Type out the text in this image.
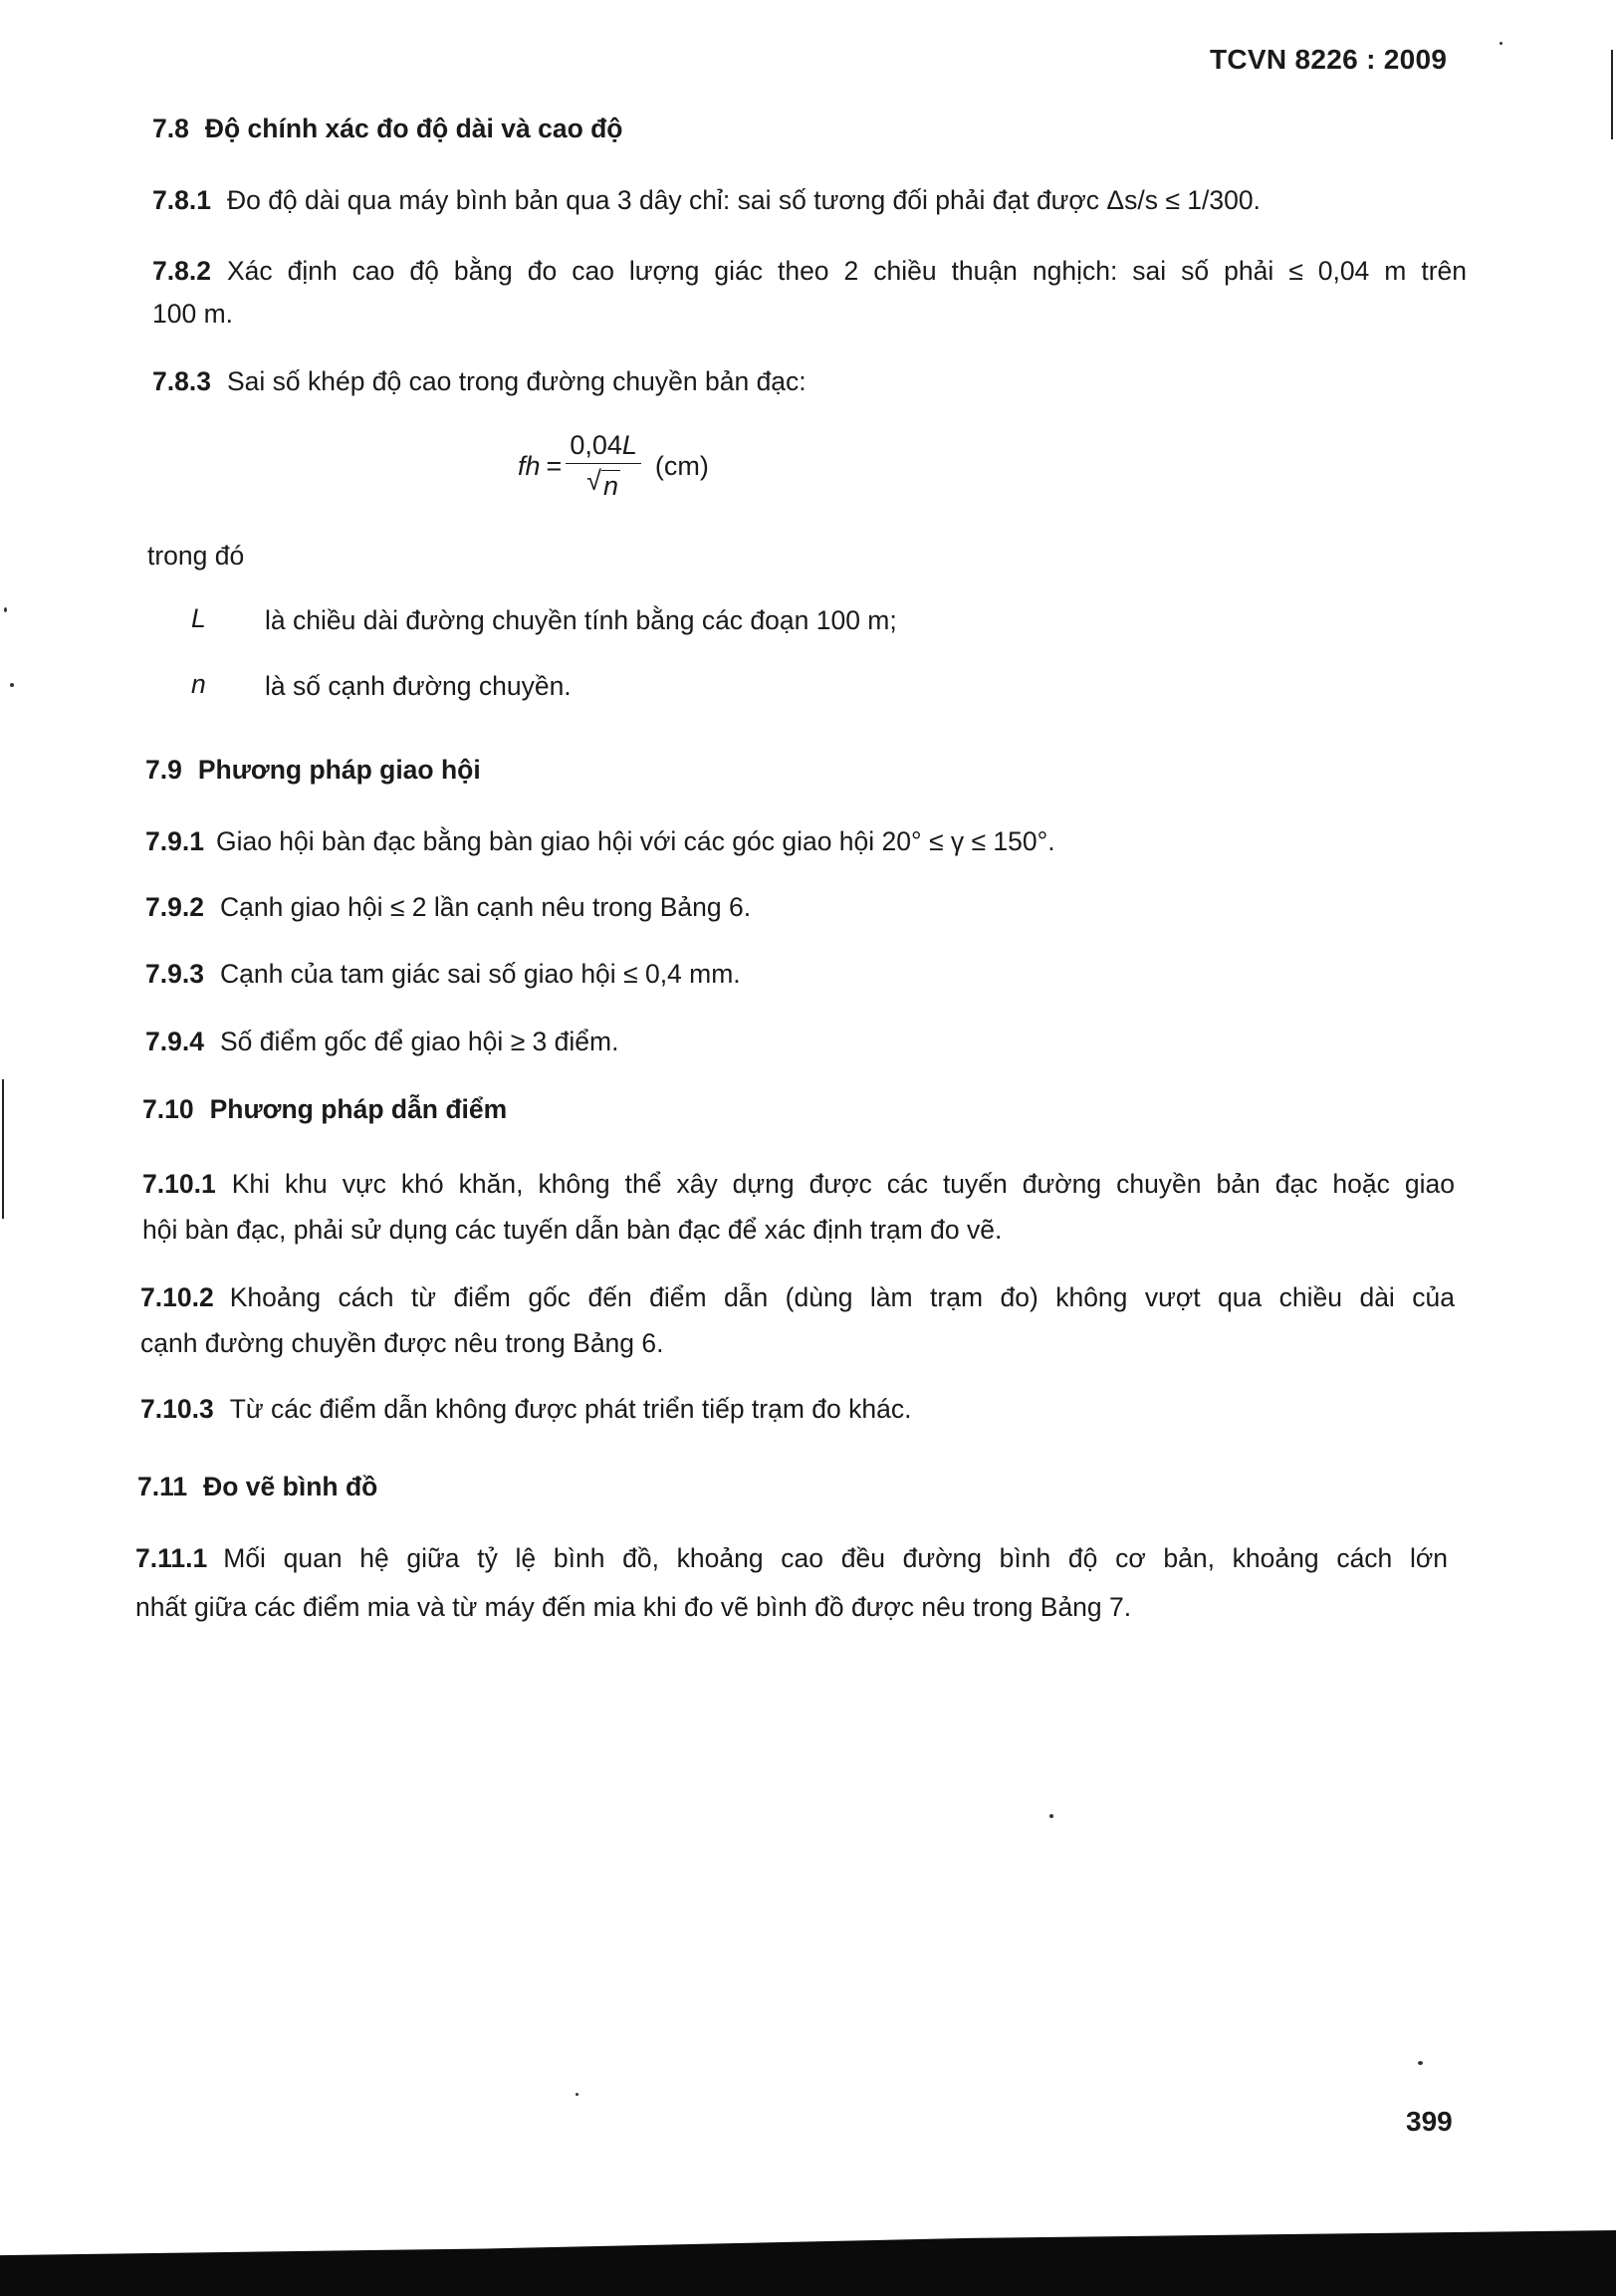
TCVN 8226 : 2009
7.8 Độ chính xác đo độ dài và cao độ
7.8.1 Đo độ dài qua máy bình bản qua 3 dây chỉ: sai số tương đối phải đạt được Δs/s ≤ 1/300.
7.8.2 Xác định cao độ bằng đo cao lượng giác theo 2 chiều thuận nghịch: sai số phải ≤ 0,04 m trên
100 m.
7.8.3 Sai số khép độ cao trong đường chuyền bản đạc:
fh = $\frac{0,04L}{√ n} (cm)$
trong đó
L là chiều dài đường chuyền tính bằng các đoạn 100 m;
n là số cạnh đường chuyền.
7.9 Phương pháp giao hội
7.9.1 Giao hội bàn đạc bằng bàn giao hội với các góc giao hội 20° ≤ γ ≤ 150°.
7.9.2 Cạnh giao hội ≤ 2 lần cạnh nêu trong Bảng 6.
7.9.3 Cạnh của tam giác sai số giao hội ≤ 0,4 mm.
7.9.4 Số điểm gốc để giao hội ≥ 3 điểm.
7.10 Phương pháp dẫn điểm
7.10.1 Khi khu vực khó khăn, không thể xây dựng được các tuyến đường chuyền bản đạc hoặc giao
hội bàn đạc, phải sử dụng các tuyến dẫn bàn đạc để xác định trạm đo vẽ.
7.10.2 Khoảng cách từ điểm gốc đến điểm dẫn (dùng làm trạm đo) không vượt qua chiều dài của
cạnh đường chuyền được nêu trong Bảng 6.
7.10.3 Từ các điểm dẫn không được phát triển tiếp trạm đo khác.
7.11 Đo vẽ bình đồ
7.11.1 Mối quan hệ giữa tỷ lệ bình đồ, khoảng cao đều đường bình độ cơ bản, khoảng cách lớn
nhất giữa các điểm mia và từ máy đến mia khi đo vẽ bình đồ được nêu trong Bảng 7.
399
